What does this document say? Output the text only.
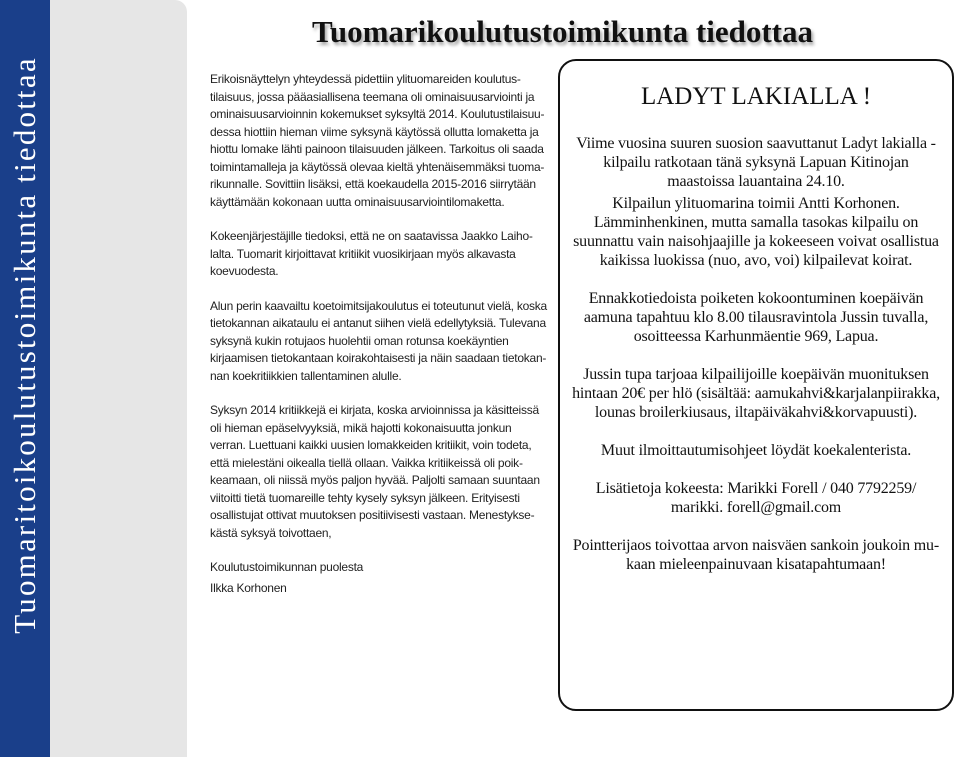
Tuomaritoikoulutustoimikunta tiedottaa
Tuomarikoulutustoimikunta tiedottaa

Erikoisnäyttelyn yhteydessä pidettiin ylituomareiden koulutustilaisuus, jossa pääasiallisena teemana oli ominaisuusarviointi ja ominaisuusarvioinnin kokemukset syksyltä 2014. Koulutustilaisuudessa hiottiin hieman viime syksynä käytössä ollutta lomaketta ja hiottu lomake lähti painoon tilaisuuden jälkeen. Tarkoitus oli saada toimintamalleja ja käytössä olevaa kieltä yhtenäisemmäksi tuomarikunnalle. Sovittiin lisäksi, että koekaudella 2015-2016 siirrytään käyttämään kokonaan uutta ominaisuusarviointilomaketta.

Kokeenjärjestäjille tiedoksi, että ne on saatavissa Jaakko Laiholalta. Tuomarit kirjoittavat kritiikit vuosikirjaan myös alkavasta koevuodesta.

Alun perin kaavailtu koetoimitsijakoulutus ei toteutunut vielä, koska tietokannan aikataulu ei antanut siihen vielä edellytyksiä. Tulevana syksynä kukin rotujaos huolehtii oman rotunsa koekäyntien kirjaamisen tietokantaan koirakohtaisesti ja näin saadaan tietokannan koekritiikkien tallentaminen alulle.

Syksyn 2014 kritiikkejä ei kirjata, koska arvioinnissa ja käsitteissä oli hieman epäselvyyksiä, mikä hajotti kokonaisuutta jonkun verran. Luettuani kaikki uusien lomakkeiden kritiikit, voin todeta, että mielestäni oikealla tiellä ollaan. Vaikka kritiikeissä oli poikkeamaan, oli niissä myös paljon hyvää. Paljolti samaan suuntaan viitoitti tietä tuomareille tehty kysely syksyn jälkeen. Erityisesti osallistujat ottivat muutoksen positiivisesti vastaan. Menestyksekästä syksyä toivottaen,

Koulutustoimikunnan puolesta

Ilkka Korhonen

LADYT LAKIALLA !

Viime vuosina suuren suosion saavuttanut Ladyt lakialla - kilpailu ratkotaan tänä syksynä Lapuan Kitinojan maastoissa lauantaina 24.10.

Kilpailun ylituomarina toimii Antti Korhonen. Lämminhenkinen, mutta samalla tasokas kilpailu on suunnattu vain naisohjaajille ja kokeeseen voivat osallistua kaikissa luokissa (nuo, avo, voi) kilpailevat koirat.

Ennakkotiedoista poiketen kokoontuminen koepäivän aamuna tapahtuu klo 8.00 tilausravintola Jussin tuvalla, osoitteessa Karhunmäentie 969, Lapua.

Jussin tupa tarjoaa kilpailijoille koepäivän muonituksen hintaan 20€ per hlö (sisältää: aamukahvi&karjalanpiirakka, lounas broilerkiusaus, iltapäiväkahvi&korvapuusti).

Muut ilmoittautumisohjeet löydät koekalenterista.

Lisätietoja kokeesta: Marikki Forell / 040 7792259/ marikki. forell@gmail.com

Pointterijaos toivottaa arvon naisväen sankoin joukoin mukaan mieleenpainuvaan kisatapahtumaan!
